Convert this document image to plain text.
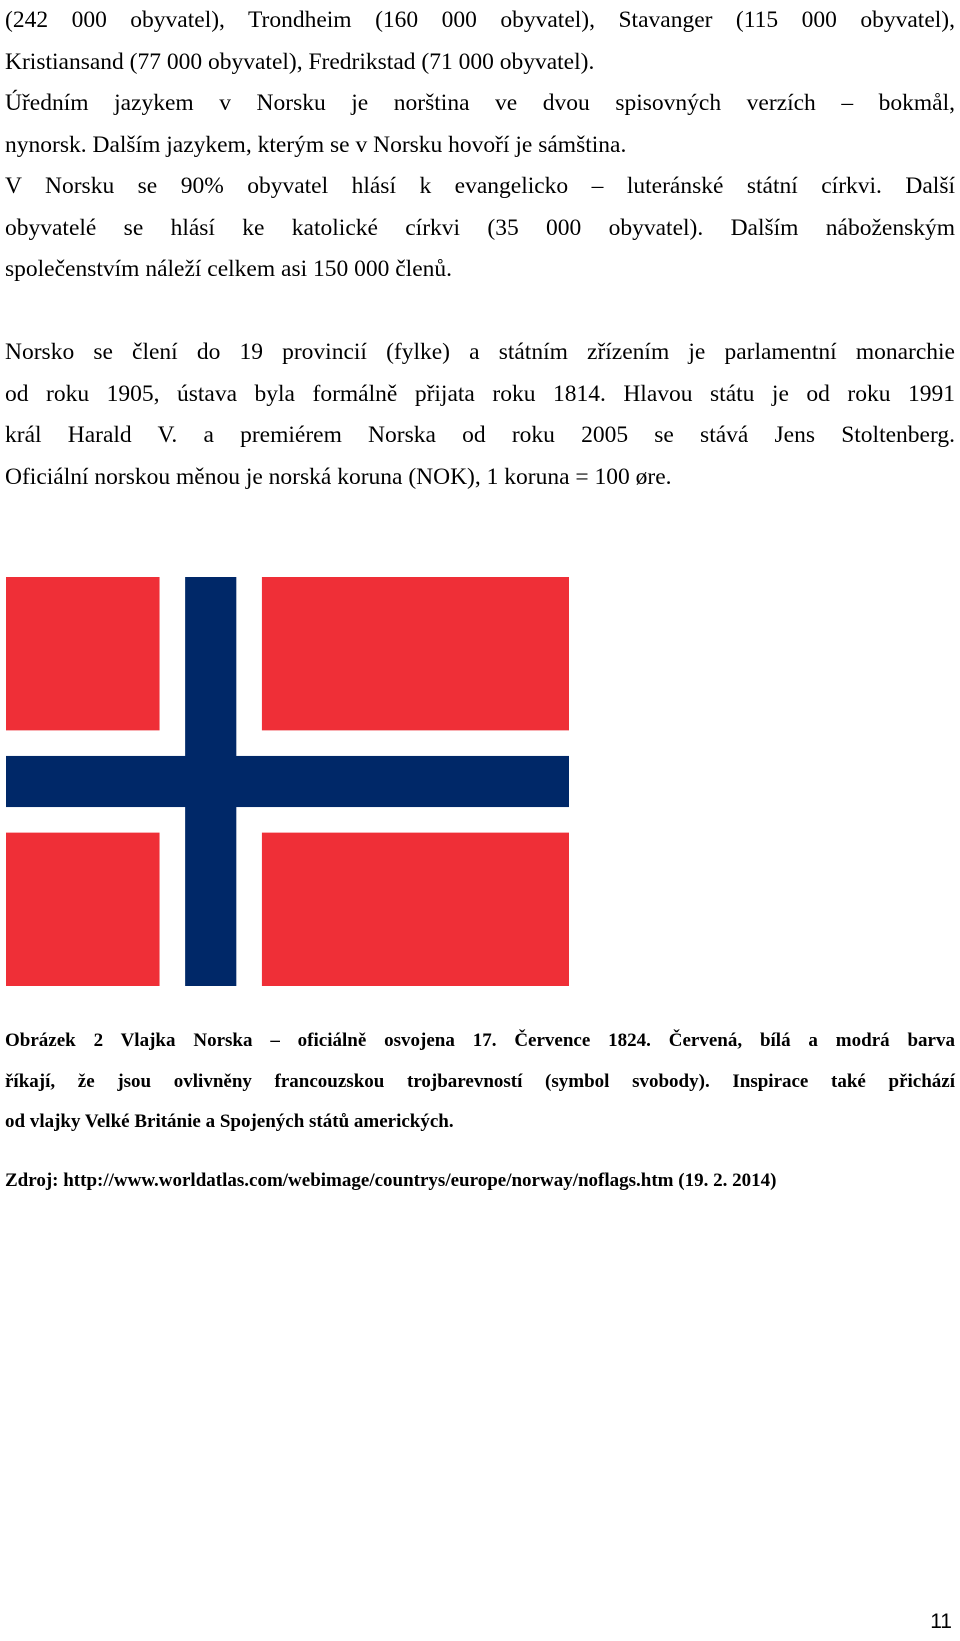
(242 000 obyvatel), Trondheim (160 000 obyvatel), Stavanger (115 000 obyvatel),
Kristiansand (77 000 obyvatel), Fredrikstad (71 000 obyvatel).

Úředním jazykem v Norsku je norština ve dvou spisovných verzích – bokmål,
nynorsk. Dalším jazykem, kterým se v Norsku hovoří je sámština.

V Norsku se 90% obyvatel hlásí k evangelicko – luteránské státní církvi. Další
obyvatelé se hlásí ke katolické církvi (35 000 obyvatel). Dalším náboženským
společenstvím náleží celkem asi 150 000 členů.

Norsko se člení do 19 provincií (fylke) a státním zřízením je parlamentní monarchie
od roku 1905, ústava byla formálně přijata roku 1814. Hlavou státu je od roku 1991
král Harald V. a premiérem Norska od roku 2005 se stává Jens Stoltenberg.
Oficiální norskou měnou je norská koruna (NOK), 1 koruna = 100 øre.

Obrázek 2 Vlajka Norska – oficiálně osvojena 17. Července 1824. Červená, bílá a modrá barva
říkají, že jsou ovlivněny francouzskou trojbarevností (symbol svobody). Inspirace také přichází
od vlajky Velké Británie a Spojených států amerických.

Zdroj: http://www.worldatlas.com/webimage/countrys/europe/norway/noflags.htm (19. 2. 2014)
11
